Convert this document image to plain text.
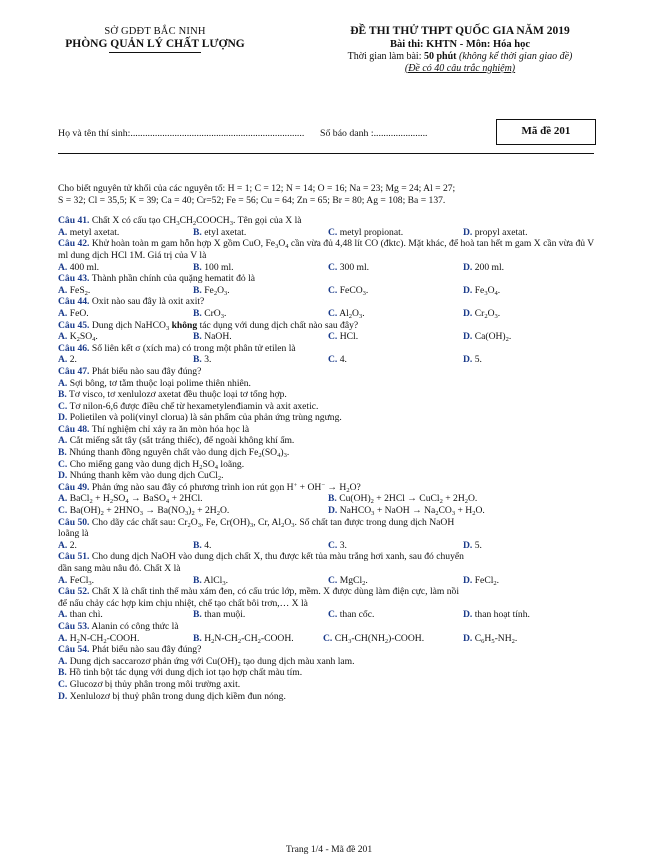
SỞ GDĐT BẮC NINH
PHÒNG QUẢN LÝ CHẤT LƯỢNG
ĐỀ THI THỬ THPT QUỐC GIA NĂM 2019
Bài thi: KHTN - Môn: Hóa học
Thời gian làm bài: 50 phút (không kể thời gian giao đề)
(Đề có 40 câu trắc nghiệm)
Họ và tên thí sinh:....................................................................... Số báo danh :......................	Mã đề 201

Cho biết nguyên tử khối của các nguyên tố: H = 1; C = 12; N = 14; O = 16; Na = 23; Mg = 24; Al = 27;

S = 32; Cl = 35,5; K = 39; Ca = 40; Cr=52; Fe = 56; Cu = 64; Zn = 65; Br = 80; Ag = 108; Ba = 137.

Câu 41. Chất X có cấu tạo $CH_3CH_2COOCH_3$. Tên gọi của X là

A. metyl axetat.	B. etyl axetat.	C. metyl propionat.	D. propyl axetat.

Câu 42. Khử hoàn toàn m gam hỗn hợp X gồm CuO, $Fe_3O_4$ cần vừa đủ 4,48 lít CO (đktc). Mặt khác, để hoà tan hết m gam X cần vừa đủ V ml dung dịch HCl 1M. Giá trị của V là

A. 400 ml.	B. 100 ml.	C. 300 ml.	D. 200 ml.

Câu 43. Thành phần chính của quặng hematit đỏ là

A. FeS$_2$.	B. $Fe_2O_3$.	C. FeCO$_3$.	D. $Fe_3O_4$.

Câu 44. Oxit nào sau đây là oxit axit?

A. FeO.	B. CrO$_3$.	C. $Al_2O_3$.	D. $Cr_2O_3$.

Câu 45. Dung dịch NaHCO$_3$ không tác dụng với dung dịch chất nào sau đây?

A. $K_2SO_4$.	B. NaOH.	C. HCl.	D. $Ca(OH)_2$.

Câu 46. Số liên kết σ (xích ma) có trong một phân tử etilen là

A. 2.	B. 3.	C. 4.	D. 5.

Câu 47. Phát biểu nào sau đây đúng?

A. Sợi bông, tơ tằm thuộc loại polime thiên nhiên.

B. Tơ visco, tơ xenlulozơ axetat đều thuộc loại tơ tổng hợp.

C. Tơ nilon-6,6 được điều chế từ hexametylenđiamin và axit axetic.

D. Polietilen và poli(vinyl clorua) là sản phẩm của phản ứng trùng ngưng.

Câu 48. Thí nghiệm chỉ xảy ra ăn mòn hóa học là

A. Cắt miếng sắt tây (sắt tráng thiếc), để ngoài không khí ẩm.

B. Nhúng thanh đồng nguyên chất vào dung dịch $Fe_2(SO_4)_3$.

C. Cho miếng gang vào dung dịch $H_2SO_4$ loãng.

D. Nhúng thanh kẽm vào dung dịch CuCl$_2$.

Câu 49. Phản ứng nào sau đây có phương trình ion rút gọn $H^+ + OH^- \to H_2O$?

A. BaCl$_2$ + $H_2SO_4$ → BaSO$_4$ + 2HCl.	B. $Cu(OH)_2 + 2HCl$ → CuCl$_2$ + $2H_2O$.
C. $Ba(OH)_2 + 2HNO_3 \to Ba(NO_3)_2 + 2H_2O$.	D. NaHCO$_3$ + NaOH → $Na_2CO_3 + H_2O$.

Câu 50. Cho dãy các chất sau: $Cr_2O_3$, Fe, $Cr(OH)_3$, Cr, $Al_2O_3$. Số chất tan được trong dung dịch NaOH

loãng là

A. 2.	B. 4.	C. 3.	D. 5.

Câu 51. Cho dung dịch NaOH vào dung dịch chất X, thu được kết tủa màu trắng hơi xanh, sau đó chuyển

dần sang màu nâu đỏ. Chất X là

A. FeCl$_3$.	B. AlCl$_3$.	C. MgCl$_2$.	D. FeCl$_2$.

Câu 52. Chất X là chất tinh thể màu xám đen, có cấu trúc lớp, mềm. X được dùng làm điện cực, làm nồi

để nấu chảy các hợp kim chịu nhiệt, chế tạo chất bôi trơn,… X là

A. than chì.	B. than muội.	C. than cốc.	D. than hoạt tính.

Câu 53. Alanin có công thức là

A. $H_2N-CH_2$-COOH.	B. $H_2N-CH_2-CH_2$-COOH.	C. $CH_3-CH(NH_2)$-COOH.	D. $C_6H_5-NH_2$.

Câu 54. Phát biểu nào sau đây đúng?

A. Dung dịch saccarozơ phản ứng với $Cu(OH)_2$ tạo dung dịch màu xanh lam.

B. Hồ tinh bột tác dụng với dung dịch iot tạo hợp chất màu tím.

C. Glucozơ bị thủy phân trong môi trường axit.

D. Xenlulozơ bị thuỷ phân trong dung dịch kiềm đun nóng.

Trang 1/4 - Mã đề 201
